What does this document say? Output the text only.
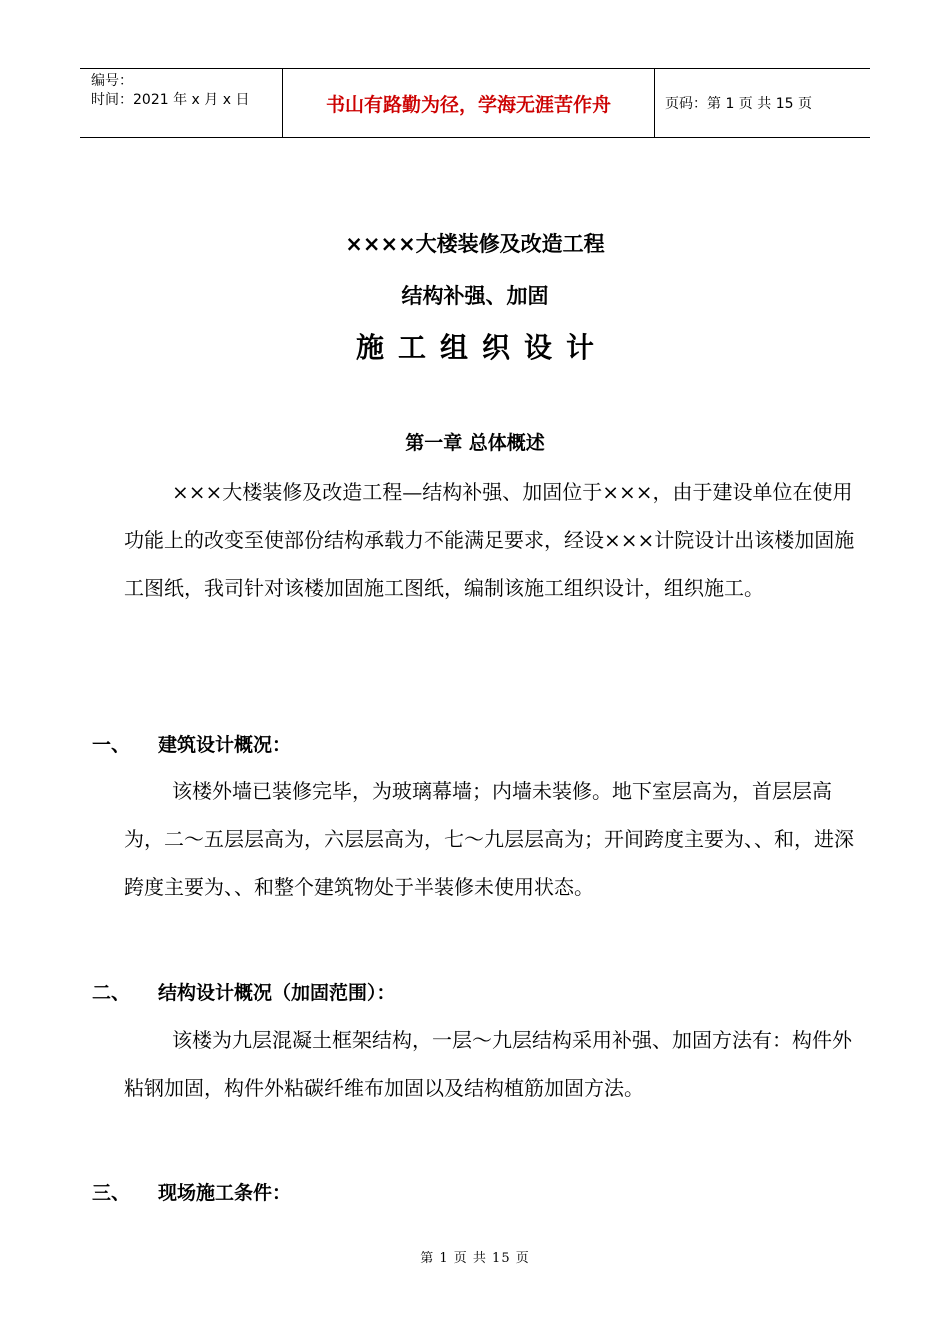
编号：
时间：2021 年 x 月 x 日	书山有路勤为径，学海无涯苦作舟	页码：第 1 页 共 15 页
××××大楼装修及改造工程
结构补强、加固
施工组织设计
第一章 总体概述
×××大楼装修及改造工程—结构补强、加固位于×××，由于建设单位在使用功能上的改变至使部份结构承载力不能满足要求，经设×××计院设计出该楼加固施工图纸，我司针对该楼加固施工图纸，编制该施工组织设计，组织施工。
一、 建筑设计概况：
该楼外墙已装修完毕，为玻璃幕墙；内墙未装修。地下室层高为，首层层高为，二～五层层高为，六层层高为，七～九层层高为；开间跨度主要为、、和，进深跨度主要为、、和整个建筑物处于半装修未使用状态。
二、 结构设计概况（加固范围）：
该楼为九层混凝土框架结构，一层～九层结构采用补强、加固方法有：构件外粘钢加固，构件外粘碳纤维布加固以及结构植筋加固方法。
三、 现场施工条件：
第 1 页 共 15 页
